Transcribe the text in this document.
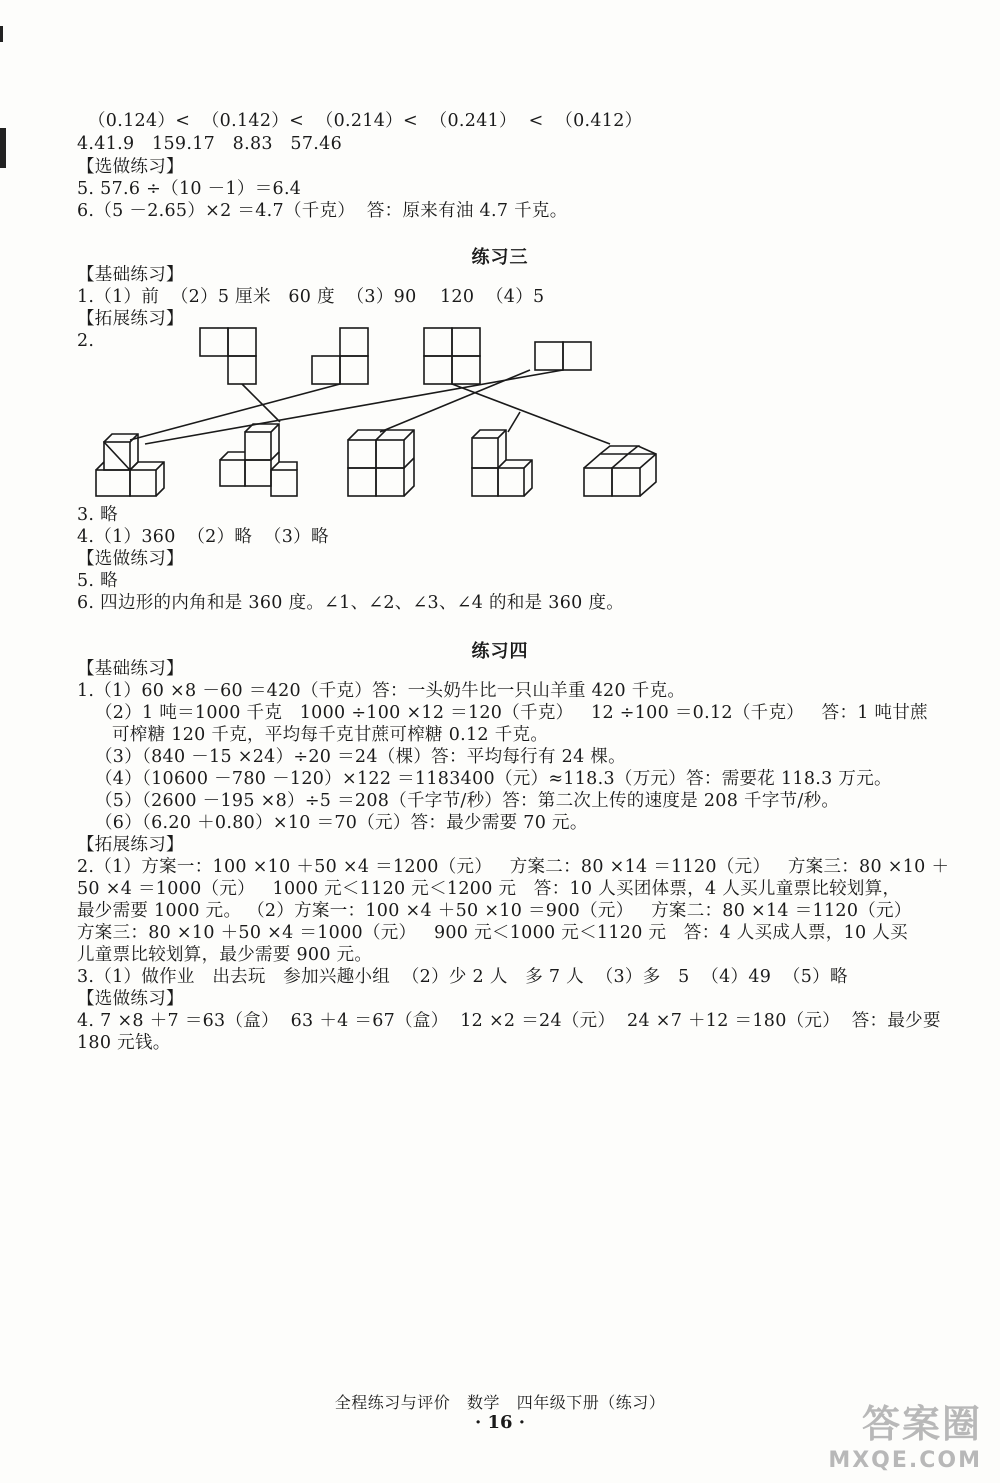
（0.124）<  （0.142）<  （0.214）<  （0.241）  <  （0.412）
4.41.9   159.17   8.83   57.46
【选做练习】
5. 57.6 ÷（10 －1）＝6.4
6.（5 －2.65）×2 ＝4.7（千克）  答：原来有油 4.7 千克。
练习三
【基础练习】
1.（1）前  （2）5 厘米   60 度  （3）90    120  （4）5
【拓展练习】
2.
3. 略
4.（1）360  （2）略  （3）略
【选做练习】
5. 略
6. 四边形的内角和是 360 度。∠1、∠2、∠3、∠4 的和是 360 度。
练习四
【基础练习】
1.（1）60 ×8 －60 ＝420（千克）答：一头奶牛比一只山羊重 420 千克。
（2）1 吨＝1000 千克   1000 ÷100 ×12 ＝120（千克）   12 ÷100 ＝0.12（千克）   答：1 吨甘蔗
可榨糖 120 千克，平均每千克甘蔗可榨糖 0.12 千克。
（3）（840 －15 ×24）÷20 ＝24（棵）答：平均每行有 24 棵。
（4）（10600 －780 －120）×122 ＝1183400（元）≈118.3（万元）答：需要花 118.3 万元。
（5）（2600 －195 ×8）÷5 ＝208（千字节/秒）答：第二次上传的速度是 208 千字节/秒。
（6）（6.20 ＋0.80）×10 ＝70（元）答：最少需要 70 元。
【拓展练习】
2.（1）方案一：100 ×10 ＋50 ×4 ＝1200（元）   方案二：80 ×14 ＝1120（元）   方案三：80 ×10 ＋
50 ×4 ＝1000（元）   1000 元＜1120 元＜1200 元   答：10 人买团体票，4 人买儿童票比较划算，
最少需要 1000 元。 （2）方案一：100 ×4 ＋50 ×10 ＝900（元）   方案二：80 ×14 ＝1120（元）
方案三：80 ×10 ＋50 ×4 ＝1000（元）   900 元＜1000 元＜1120 元   答：4 人买成人票，10 人买
儿童票比较划算，最少需要 900 元。
3.（1）做作业   出去玩   参加兴趣小组  （2）少 2 人   多 7 人  （3）多   5  （4）49  （5）略
【选做练习】
4. 7 ×8 ＋7 ＝63（盒）  63 ＋4 ＝67（盒）  12 ×2 ＝24（元）  24 ×7 ＋12 ＝180（元）  答：最少要
180 元钱。
全程练习与评价   数学   四年级下册（练习）
· 16 ·	答案圈
MXQE.COM
